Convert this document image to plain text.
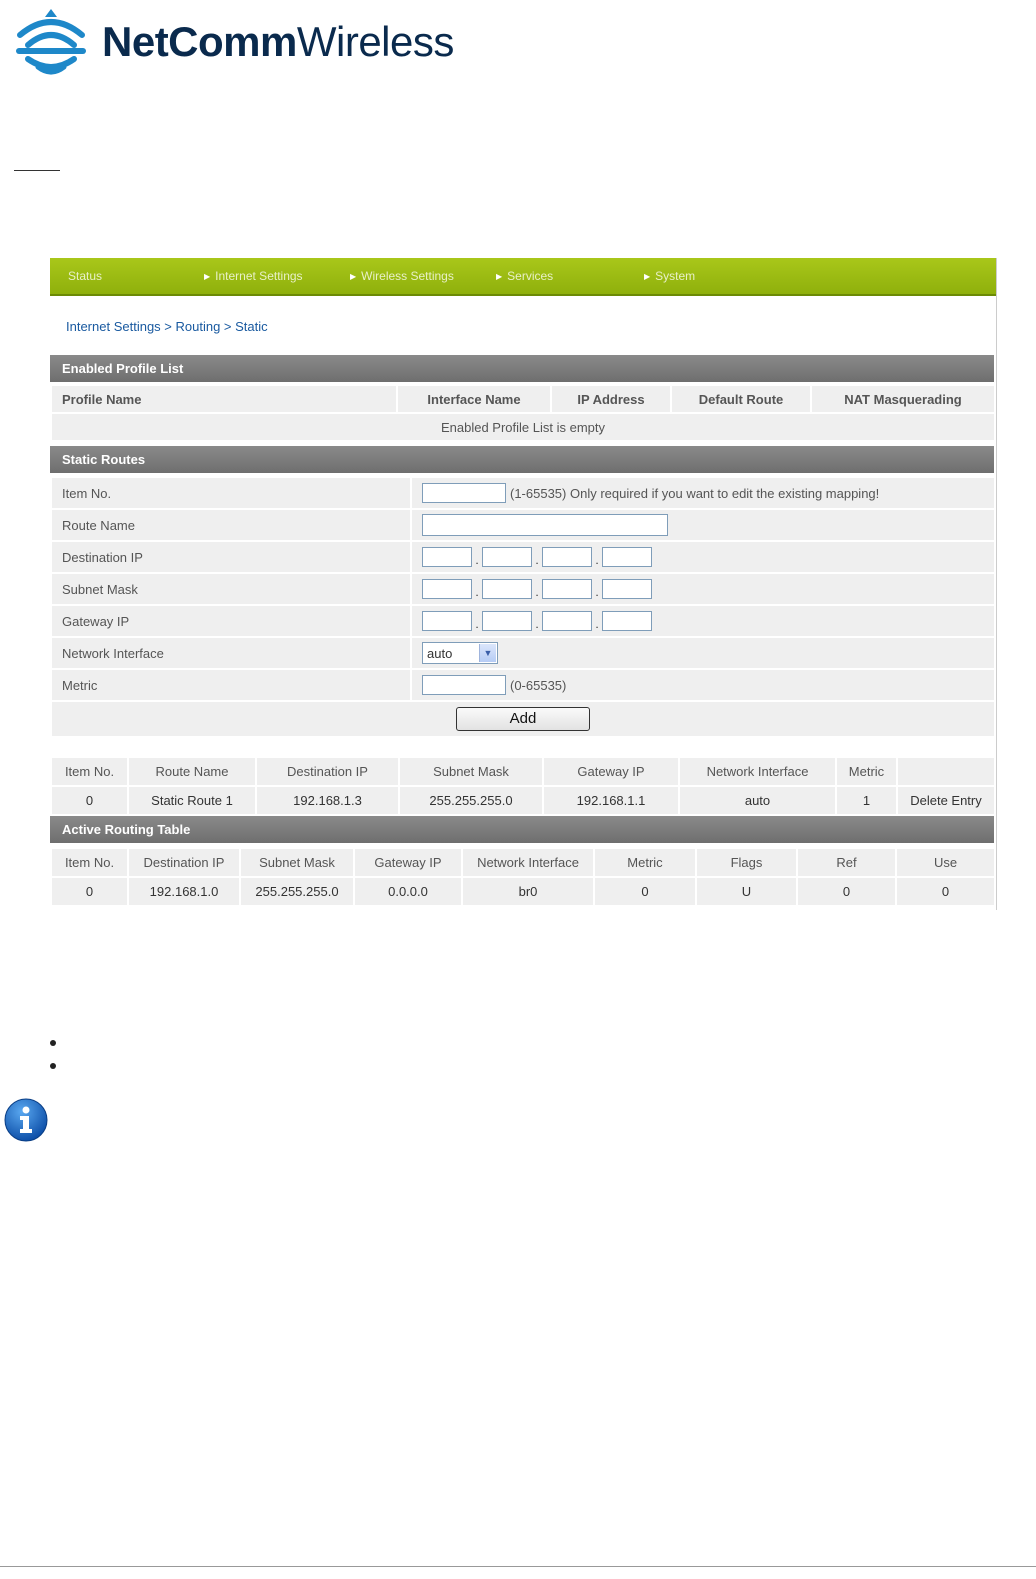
NetCommWireless
Status	▶ Internet Settings	▶ Wireless Settings	▶ Services	▶ System
Internet Settings > Routing > Static
Enabled Profile List
Profile Name	Interface Name	IP Address	Default Route	NAT Masquerading
Enabled Profile List is empty
Static Routes
Item No.	(1-65535) Only required if you want to edit the existing mapping!
Route Name	
Destination IP	. . .
Subnet Mask	. . .
Gateway IP	. . .
Network Interface	auto ▼

Metric	(0-65535)
Add	
Item No.	Route Name	Destination IP	Subnet Mask	Gateway IP	Network Interface	Metric	
0	Static Route 1	192.168.1.3	255.255.255.0	192.168.1.1	auto	1	Delete Entry
Active Routing Table
Item No.	Destination IP	Subnet Mask	Gateway IP	Network Interface	Metric	Flags	Ref	Use
0	192.168.1.0	255.255.255.0	0.0.0.0	br0	0	U	0	0
